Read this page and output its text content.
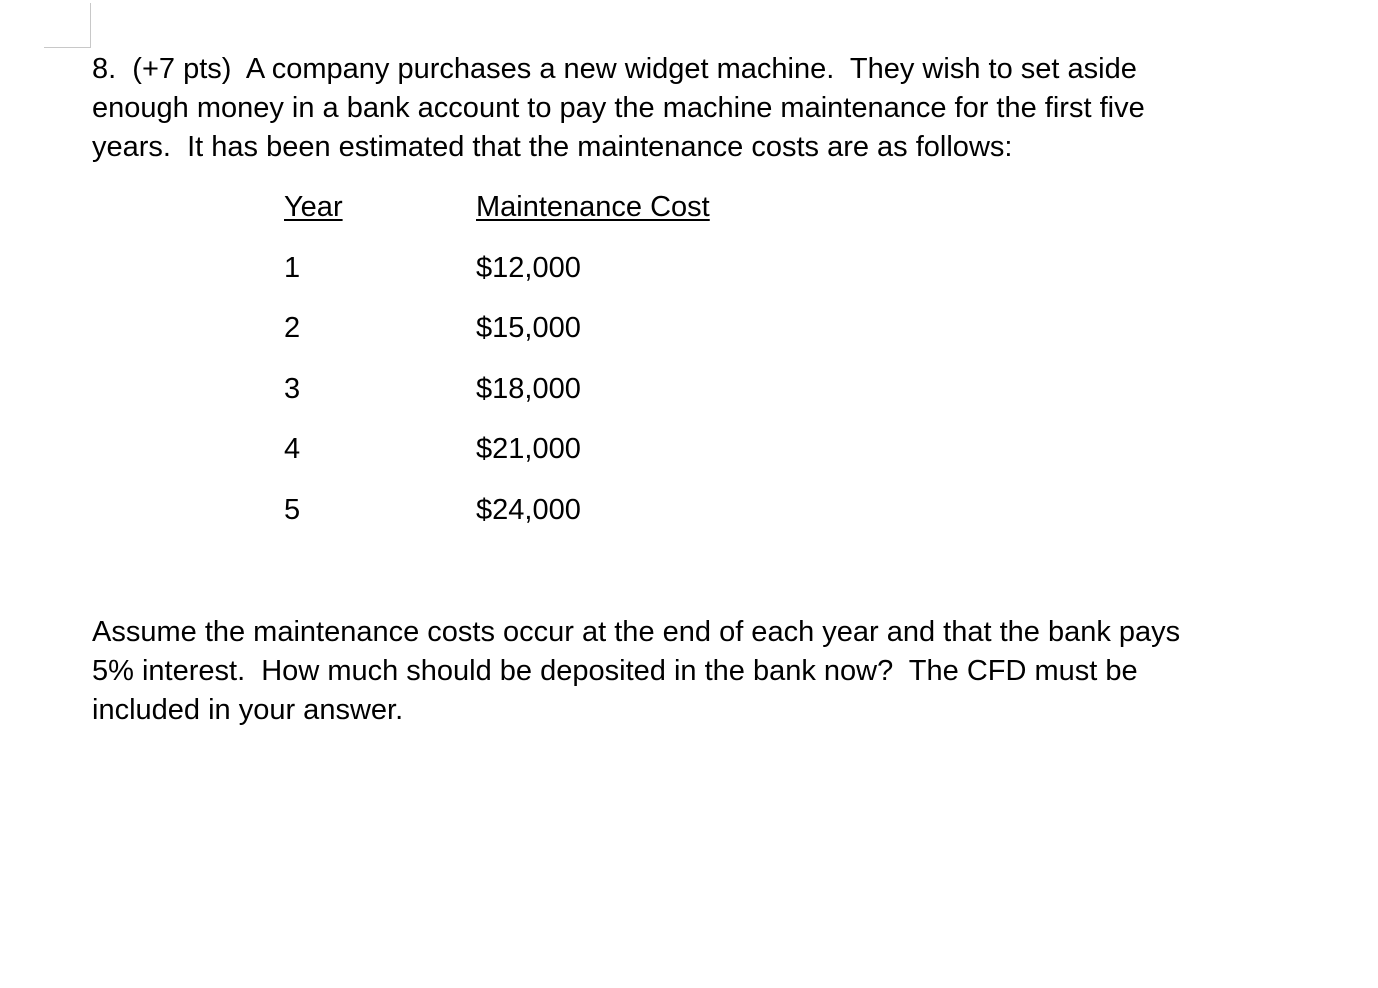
8.  (+7 pts)  A company purchases a new widget machine.  They wish to set aside
enough money in a bank account to pay the machine maintenance for the first five
years.  It has been estimated that the maintenance costs are as follows:

Year	Maintenance Cost
1	$12,000
2	$15,000
3	$18,000
4	$21,000
5	$24,000

Assume the maintenance costs occur at the end of each year and that the bank pays
5% interest.  How much should be deposited in the bank now?  The CFD must be
included in your answer.
